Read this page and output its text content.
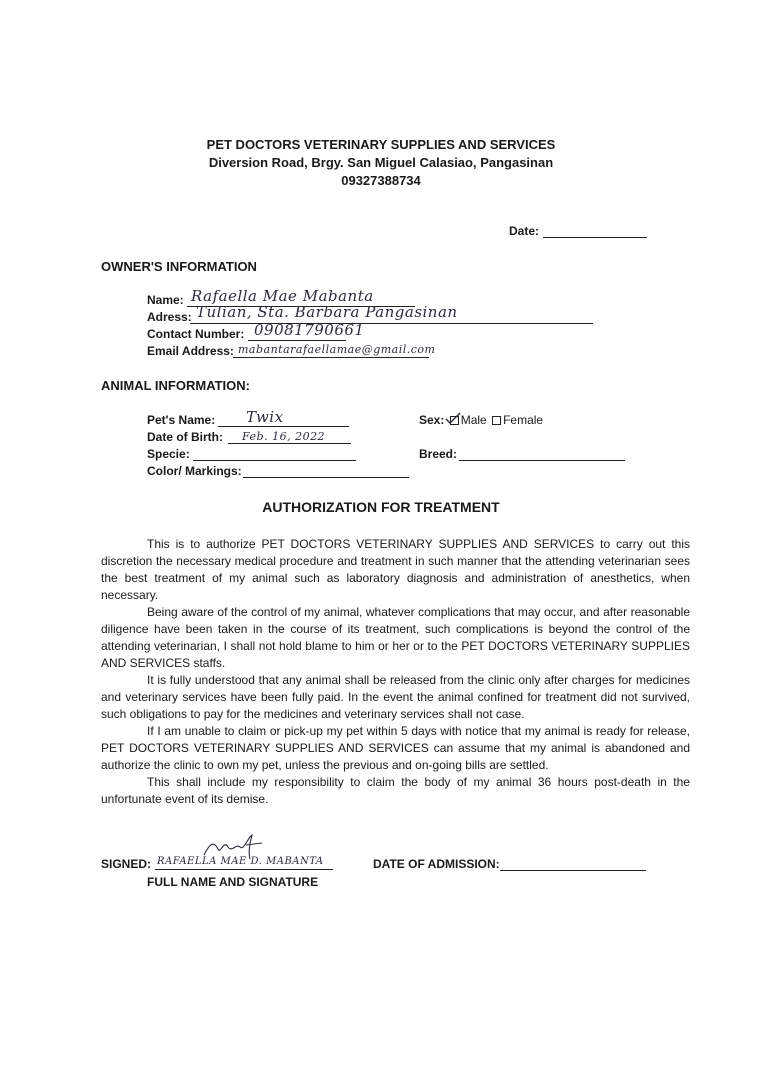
PET DOCTORS VETERINARY SUPPLIES AND SERVICES
Diversion Road, Brgy. San Miguel Calasiao, Pangasinan
09327388734
Date:
OWNER'S INFORMATION
Name: Rafaella Mae Mabanta
Adress: Tulian, Sta. Barbara Pangasinan
Contact Number: 09081790661
Email Address: mabantarafaellamae@gmail.com
ANIMAL INFORMATION:
Pet's Name: Twix
Date of Birth: Feb. 16, 2022
Specie:
Color/ Markings:
Sex: Male Female
Breed:
AUTHORIZATION FOR TREATMENT

This is to authorize PET DOCTORS VETERINARY SUPPLIES AND SERVICES to carry out this discretion the necessary medical procedure and treatment in such manner that the attending veterinarian sees the best treatment of my animal such as laboratory diagnosis and administration of anesthetics, when necessary.

Being aware of the control of my animal, whatever complications that may occur, and after reasonable diligence have been taken in the course of its treatment, such complications is beyond the control of the attending veterinarian, I shall not hold blame to him or her or to the PET DOCTORS VETERINARY SUPPLIES AND SERVICES staffs.

It is fully understood that any animal shall be released from the clinic only after charges for medicines and veterinary services have been fully paid. In the event the animal confined for treatment did not survived, such obligations to pay for the medicines and veterinary services shall not case.

If I am unable to claim or pick-up my pet within 5 days with notice that my animal is ready for release, PET DOCTORS VETERINARY SUPPLIES AND SERVICES can assume that my animal is abandoned and authorize the clinic to own my pet, unless the previous and on-going bills are settled.

This shall include my responsibility to claim the body of my animal 36 hours post-death in the unfortunate event of its demise.

SIGNED: RAFAELLA MAE D. MABANTA
FULL NAME AND SIGNATURE
DATE OF ADMISSION:
